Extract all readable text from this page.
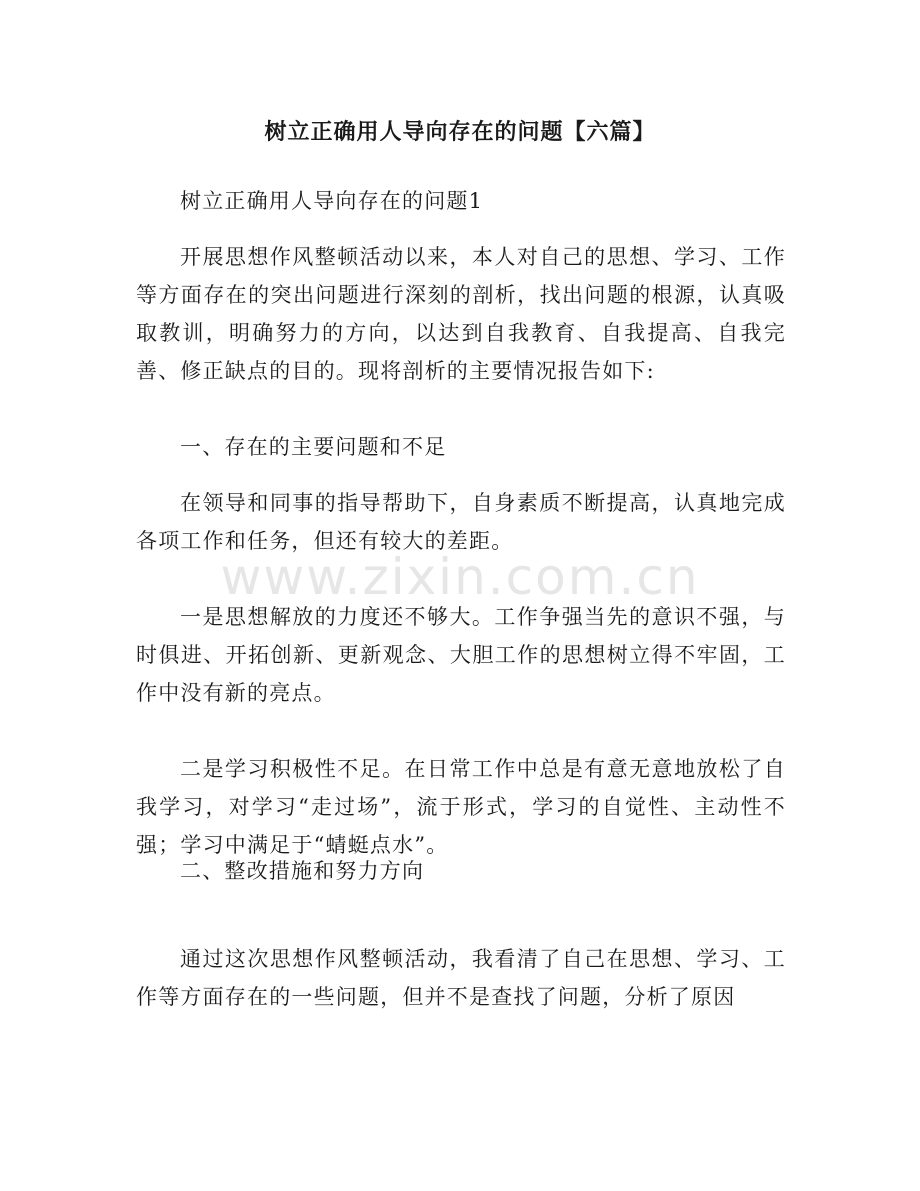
树立正确用人导向存在的问题【六篇】

树立正确用人导向存在的问题1

开展思想作风整顿活动以来，本人对自己的思想、学习、工作等方面存在的突出问题进行深刻的剖析，找出问题的根源，认真吸取教训，明确努力的方向，以达到自我教育、自我提高、自我完善、修正缺点的目的。现将剖析的主要情况报告如下:

一、存在的主要问题和不足

在领导和同事的指导帮助下，自身素质不断提高，认真地完成各项工作和任务，但还有较大的差距。

一是思想解放的力度还不够大。工作争强当先的意识不强，与时俱进、开拓创新、更新观念、大胆工作的思想树立得不牢固，工作中没有新的亮点。

二是学习积极性不足。在日常工作中总是有意无意地放松了自我学习，对学习“走过场”，流于形式，学习的自觉性、主动性不强；学习中满足于“蜻蜓点水”。

二、整改措施和努力方向

通过这次思想作风整顿活动，我看清了自己在思想、学习、工作等方面存在的一些问题，但并不是查找了问题，分析了原因

www.zixin.com.cn
